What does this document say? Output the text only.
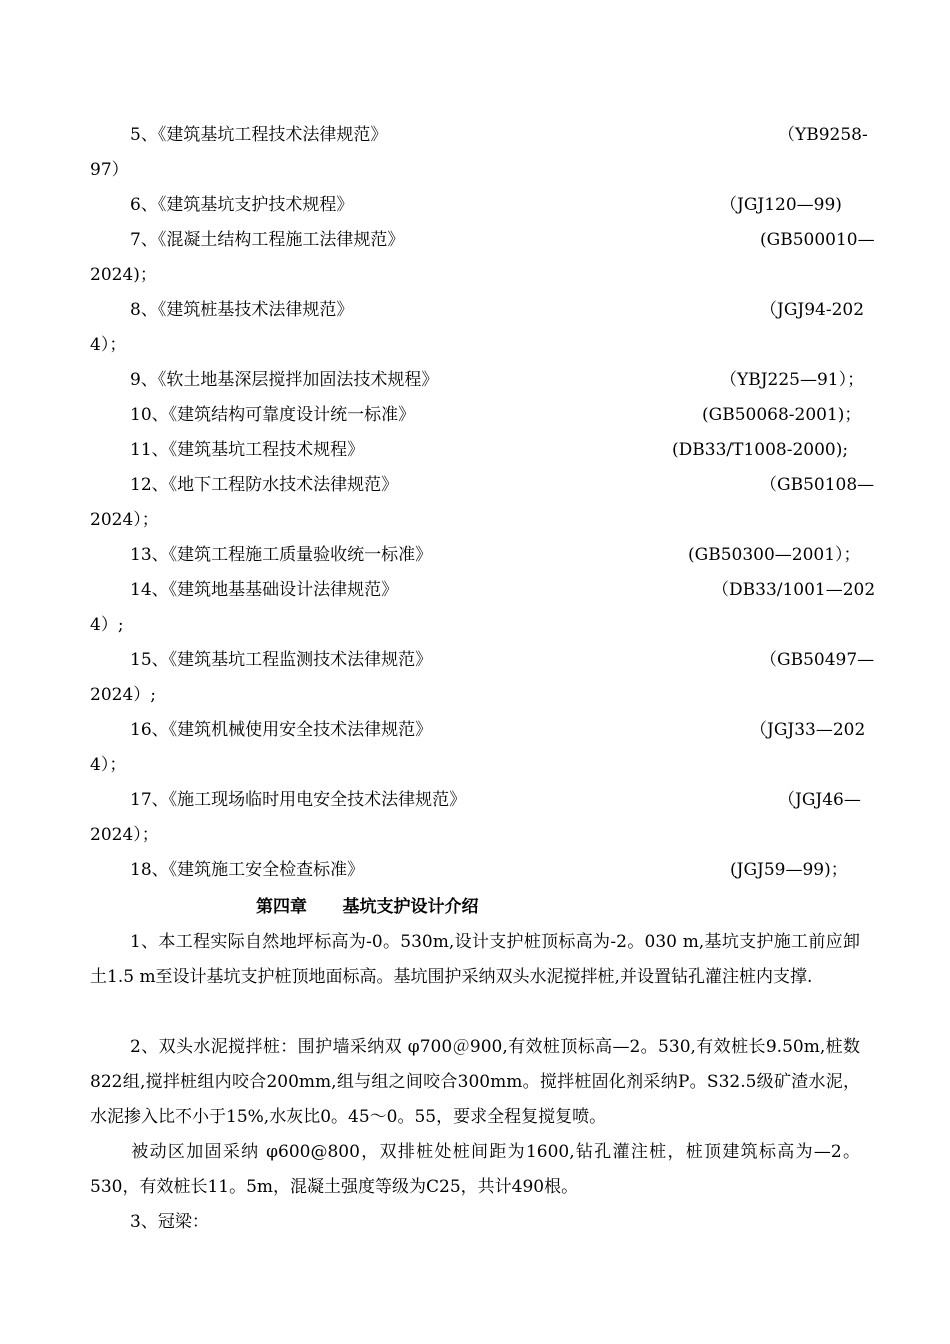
5、《建筑基坑工程技术法律规范》	（YB9258-
97）
6、《建筑基坑支护技术规程》	（JGJ120—99)
7、《混凝土结构工程施工法律规范》	(GB500010—
2024)；
8、《建筑桩基技术法律规范》	（JGJ94-202
4）；
9、《软土地基深层搅拌加固法技术规程》	（YBJ225—91）；
10、《建筑结构可靠度设计统一标准》	(GB50068-2001)；
11、《建筑基坑工程技术规程》	(DB33/T1008-2000);
12、《地下工程防水技术法律规范》	（GB50108—
2024）；
13、《建筑工程施工质量验收统一标准》	(GB50300—2001）；
14、《建筑地基基础设计法律规范》	（DB33/1001—202
4）;
15、《建筑基坑工程监测技术法律规范》	（GB50497—
2024）;
16、《建筑机械使用安全技术法律规范》	（JGJ33—202
4）；
17、《施工现场临时用电安全技术法律规范》	（JGJ46—
2024）；
18、《建筑施工安全检查标准》	(JGJ59—99)；
第四章 基坑支护设计介绍
1、本工程实际自然地坪标高为-0。530m,设计支护桩顶标高为-2。030 m,基坑支护施工前应卸土1.5 m至设计基坑支护桩顶地面标高。基坑围护采纳双头水泥搅拌桩,并设置钻孔灌注桩内支撑.
2、双头水泥搅拌桩：围护墙采纳双 φ700＠900,有效桩顶标高—2。530,有效桩长9.50m,桩数822组,搅拌桩组内咬合200mm,组与组之间咬合300mm。搅拌桩固化剂采纳P。S32.5级矿渣水泥，水泥掺入比不小于15%,水灰比0。45～0。55，要求全程复搅复喷。
被动区加固采纳 φ600@800，双排桩处桩间距为1600,钻孔灌注桩，桩顶建筑标高为—2。530，有效桩长11。5m，混凝土强度等级为C25，共计490根。
3、冠梁：
